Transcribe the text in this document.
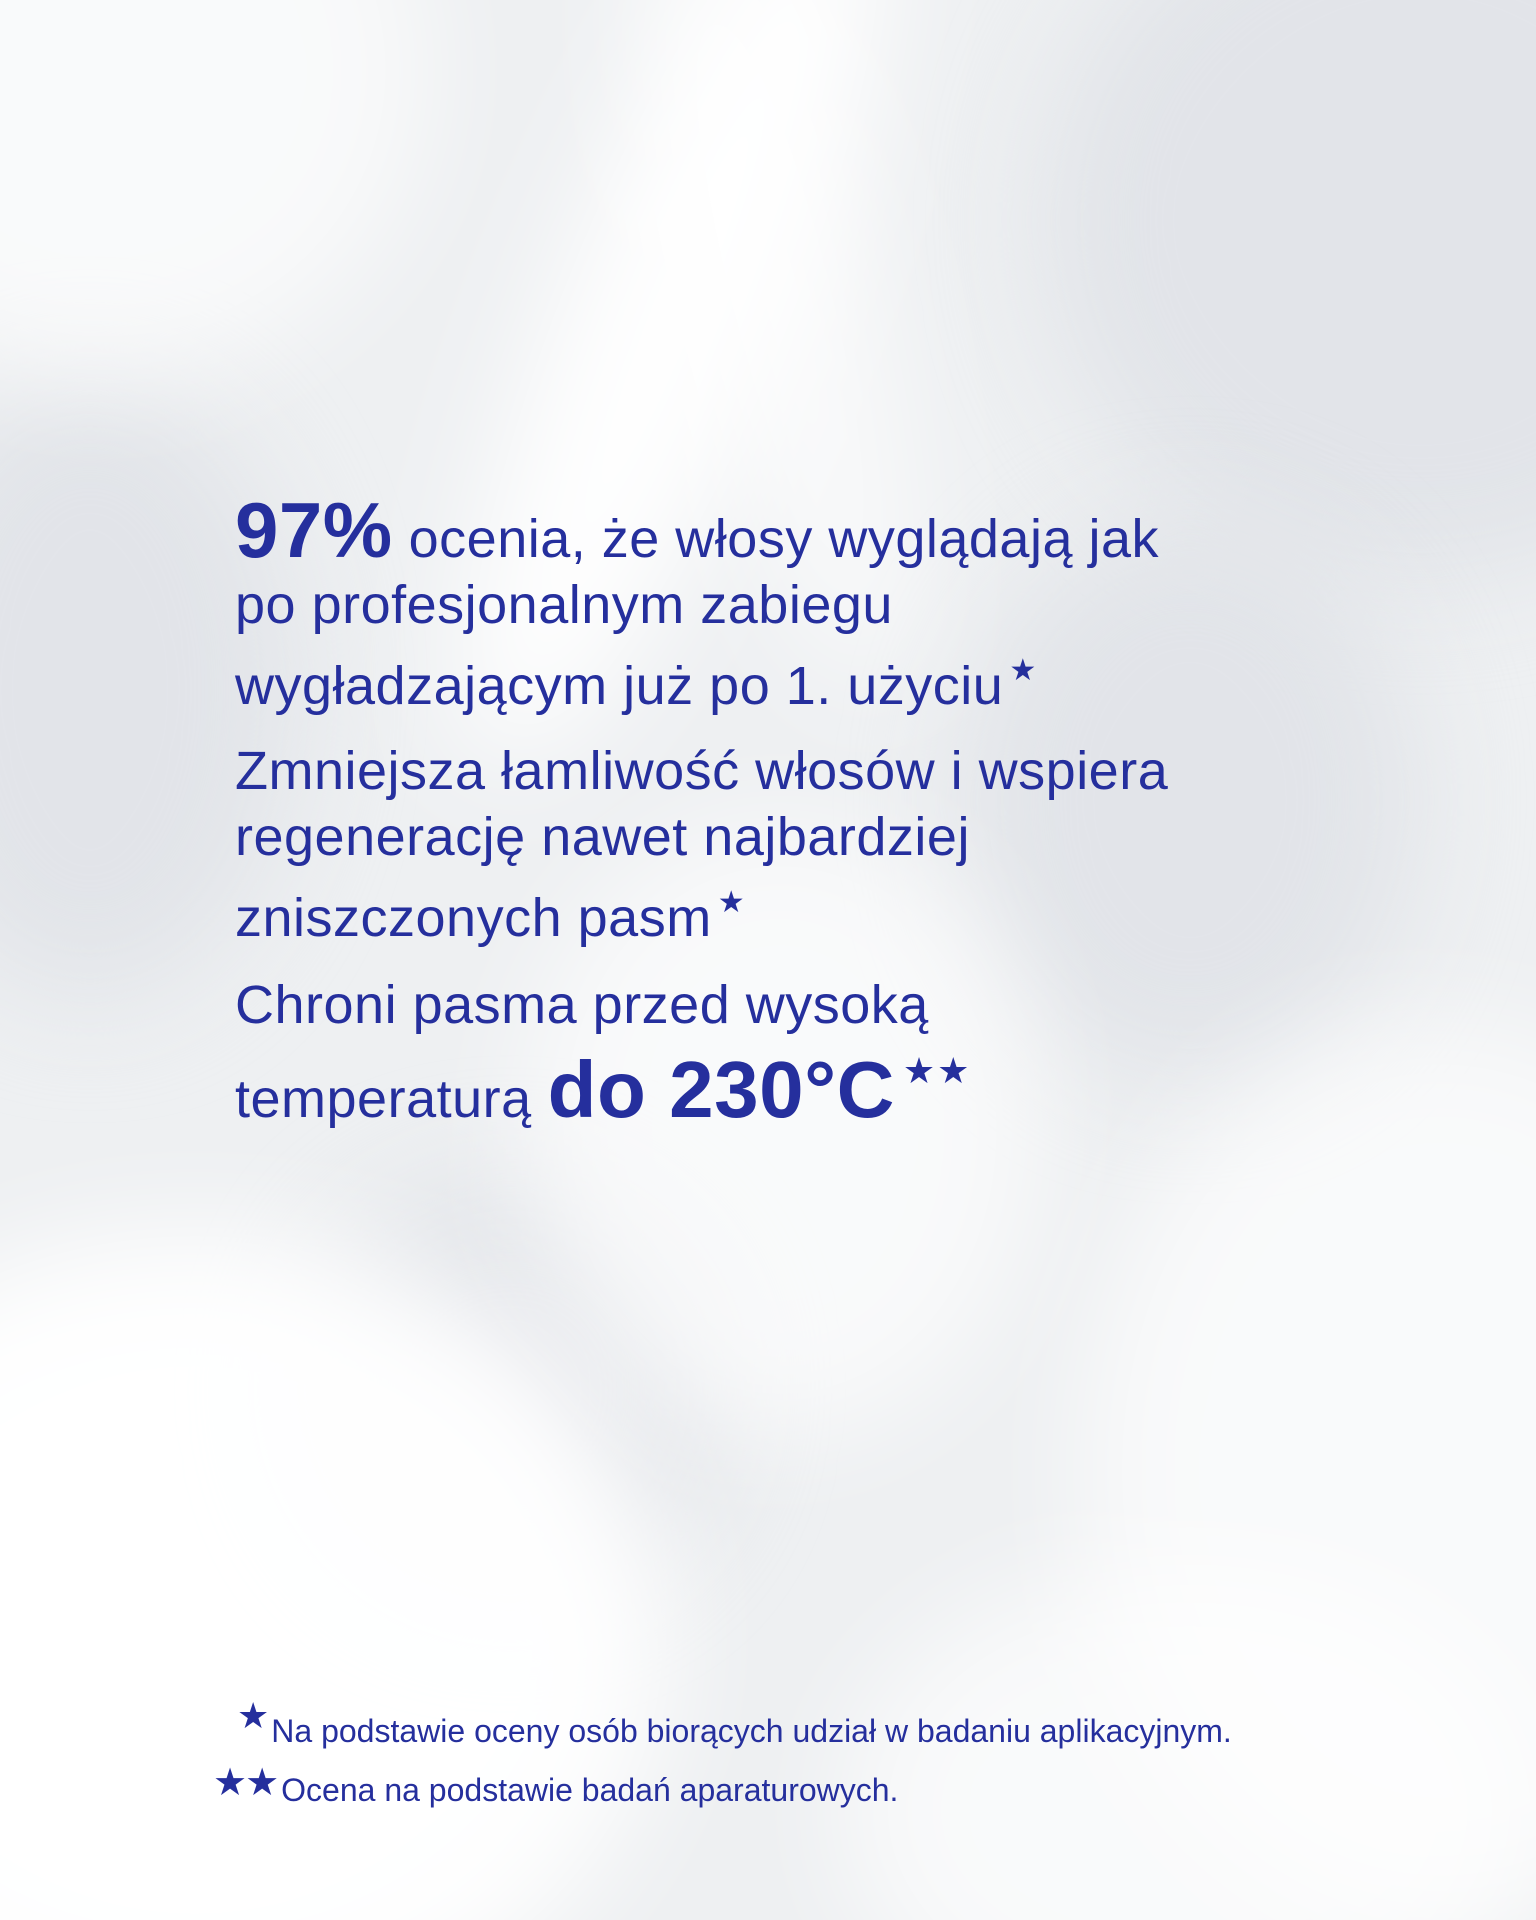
97% ocenia, że włosy wyglądają jak
po profesjonalnym zabiegu
wygładzającym już po 1. użyciu ★

Zmniejsza łamliwość włosów i wspiera
regenerację nawet najbardziej
zniszczonych pasm ★

Chroni pasma przed wysoką
temperaturą do 230°C ★★

★Na podstawie oceny osób biorących udział w badaniu aplikacyjnym.

★★ Ocena na podstawie badań aparaturowych.
